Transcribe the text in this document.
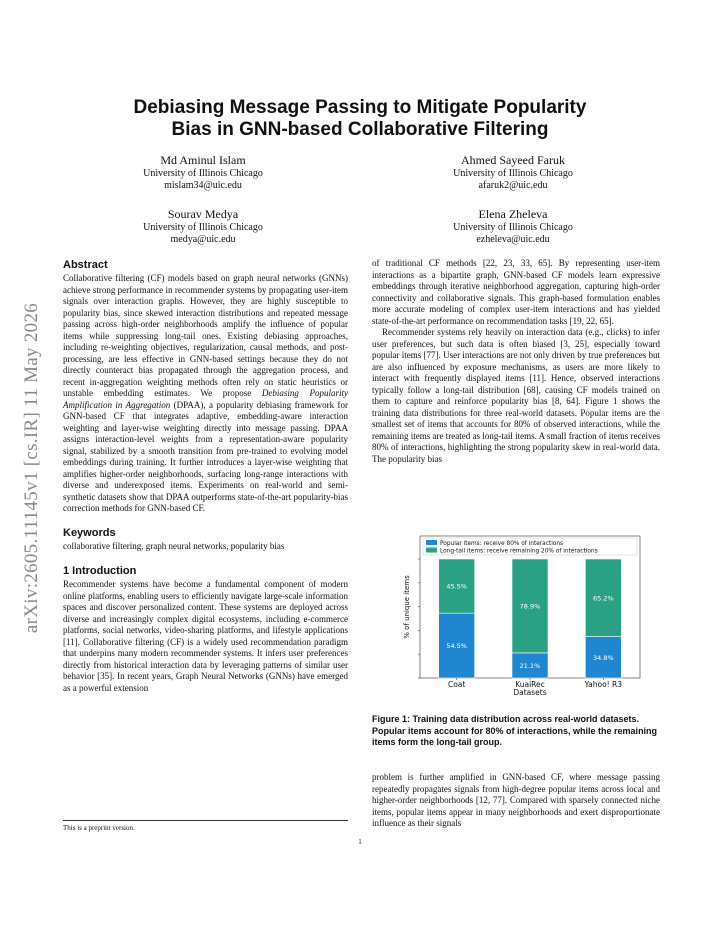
arXiv:2605.11145v1 [cs.IR] 11 May 2026
Debiasing Message Passing to Mitigate Popularity
Bias in GNN-based Collaborative Filtering
Md Aminul Islam
University of Illinois Chicago
mislam34@uic.edu
Ahmed Sayeed Faruk
University of Illinois Chicago
afaruk2@uic.edu
Sourav Medya
University of Illinois Chicago
medya@uic.edu
Elena Zheleva
University of Illinois Chicago
ezheleva@uic.edu
Abstract

Collaborative filtering (CF) models based on graph neural networks (GNNs) achieve strong performance in recommender systems by propagating user-item signals over interaction graphs. However, they are highly susceptible to popularity bias, since skewed interaction distributions and repeated message passing across high-order neighborhoods amplify the influence of popular items while suppressing long-tail ones. Existing debiasing approaches, including re-weighting objectives, regularization, causal methods, and post-processing, are less effective in GNN-based settings because they do not directly counteract bias propagated through the aggregation process, and recent in-aggregation weighting methods often rely on static heuristics or unstable embedding estimates. We propose Debiasing Popularity Amplification in Aggregation (DPAA), a popularity debiasing framework for GNN-based CF that integrates adaptive, embedding-aware interaction weighting and layer-wise weighting directly into message passing. DPAA assigns interaction-level weights from a representation-aware popularity signal, stabilized by a smooth transition from pre-trained to evolving model embeddings during training. It further introduces a layer-wise weighting that amplifies higher-order neighborhoods, surfacing long-range interactions with diverse and underexposed items. Experiments on real-world and semi-synthetic datasets show that DPAA outperforms state-of-the-art popularity-bias correction methods for GNN-based CF.

Keywords

collaborative filtering, graph neural networks, popularity bias

1 Introduction

Recommender systems have become a fundamental component of modern online platforms, enabling users to efficiently navigate large-scale information spaces and discover personalized content. These systems are deployed across diverse and increasingly complex digital ecosystems, including e-commerce platforms, social networks, video-sharing platforms, and lifestyle applications [11]. Collaborative filtering (CF) is a widely used recommendation paradigm that underpins many modern recommender systems. It infers user preferences directly from historical interaction data by leveraging patterns of similar user behavior [35]. In recent years, Graph Neural Networks (GNNs) have emerged as a powerful extension

of traditional CF methods [22, 23, 33, 65]. By representing user-item interactions as a bipartite graph, GNN-based CF models learn expressive embeddings through iterative neighborhood aggregation, capturing high-order connectivity and collaborative signals. This graph-based formulation enables more accurate modeling of complex user-item interactions and has yielded state-of-the-art performance on recommendation tasks [19, 22, 65].

Recommender systems rely heavily on interaction data (e.g., clicks) to infer user preferences, but such data is often biased [3, 25], especially toward popular items [77]. User interactions are not only driven by true preferences but are also influenced by exposure mechanisms, as users are more likely to interact with frequently displayed items [11]. Hence, observed interactions typically follow a long-tail distribution [68], causing CF models trained on them to capture and reinforce popularity bias [8, 64]. Figure 1 shows the training data distributions for three real-world datasets. Popular items are the smallest set of items that accounts for 80% of observed interactions, while the remaining items are treated as long-tail items. A small fraction of items receives 80% of interactions, highlighting the strong popularity skew in real-world data. The popularity bias

54.5%
45.5%
Coat
21.1%
78.9%
KuaiRec
34.8%
65.2%
Yahoo! R3
Datasets
% of unique items
Popular items: receive 80% of interactions
Long-tail items: receive remaining 20% of interactions
Figure 1: Training data distribution across real-world datasets. Popular items account for 80% of interactions, while the remaining items form the long-tail group.

problem is further amplified in GNN-based CF, where message passing repeatedly propagates signals from high-degree popular items across local and higher-order neighborhoods [12, 77]. Compared with sparsely connected niche items, popular items appear in many neighborhoods and exert disproportionate influence as their signals

This is a preprint version.
1
